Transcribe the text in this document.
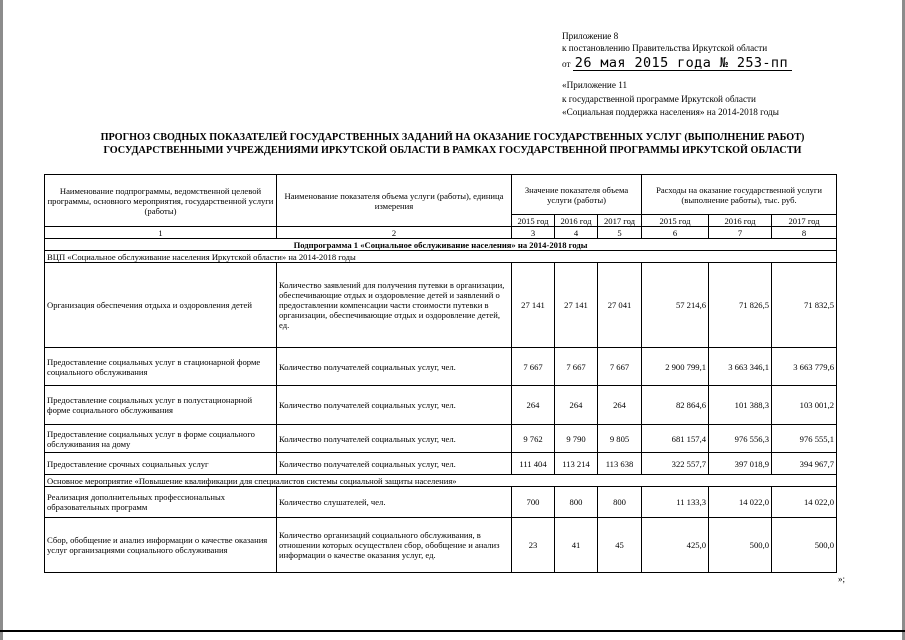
Приложение 8
к постановлению Правительства Иркутской области
от 26 мая 2015 года № 253-пп
«Приложение 11
к государственной программе Иркутской области
«Социальная поддержка населения» на 2014-2018 годы
ПРОГНОЗ СВОДНЫХ ПОКАЗАТЕЛЕЙ ГОСУДАРСТВЕННЫХ ЗАДАНИЙ НА ОКАЗАНИЕ ГОСУДАРСТВЕННЫХ УСЛУГ (ВЫПОЛНЕНИЕ РАБОТ)
ГОСУДАРСТВЕННЫМИ УЧРЕЖДЕНИЯМИ ИРКУТСКОЙ ОБЛАСТИ В РАМКАХ ГОСУДАРСТВЕННОЙ ПРОГРАММЫ ИРКУТСКОЙ ОБЛАСТИ
Наименование подпрограммы, ведомственной целевой программы, основного мероприятия, государственной услуги (работы)	Наименование показателя объема услуги (работы), единица измерения	Значение показателя объема услуги (работы)			Расходы на оказание государственной услуги (выполнение работы), тыс. руб.		
		2015 год	2016 год	2017 год	2015 год	2016 год	2017 год
1	2	3	4	5	6	7	8
Подпрограмма 1 «Социальное обслуживание населения» на 2014-2018 годы							
ВЦП «Социальное обслуживание населения Иркутской области» на 2014-2018 годы							
Организация обеспечения отдыха и оздоровления детей	Количество заявлений для получения путевки в организации, обеспечивающие отдых и оздоровление детей и заявлений о предоставлении компенсации части стоимости путевки в организации, обеспечивающие отдых и оздоровление детей, ед.	27 141	27 141	27 041	57 214,6	71 826,5	71 832,5
Предоставление социальных услуг в стационарной форме социального обслуживания	Количество получателей социальных услуг, чел.	7 667	7 667	7 667	2 900 799,1	3 663 346,1	3 663 779,6
Предоставление социальных услуг в полустационарной форме социального обслуживания	Количество получателей социальных услуг, чел.	264	264	264	82 864,6	101 388,3	103 001,2
Предоставление социальных услуг в форме социального обслуживания на дому	Количество получателей социальных услуг, чел.	9 762	9 790	9 805	681 157,4	976 556,3	976 555,1
Предоставление срочных социальных услуг	Количество получателей социальных услуг, чел.	111 404	113 214	113 638	322 557,7	397 018,9	394 967,7
Основное мероприятие «Повышение квалификации для специалистов системы социальной защиты населения»							
Реализация дополнительных профессиональных образовательных программ	Количество слушателей, чел.	700	800	800	11 133,3	14 022,0	14 022,0
Сбор, обобщение и анализ информации о качестве оказания услуг организациями социального обслуживания	Количество организаций социального обслуживания, в отношении которых осуществлен сбор, обобщение и анализ информации о качестве оказания услуг, ед.	23	41	45	425,0	500,0	500,0
»;
